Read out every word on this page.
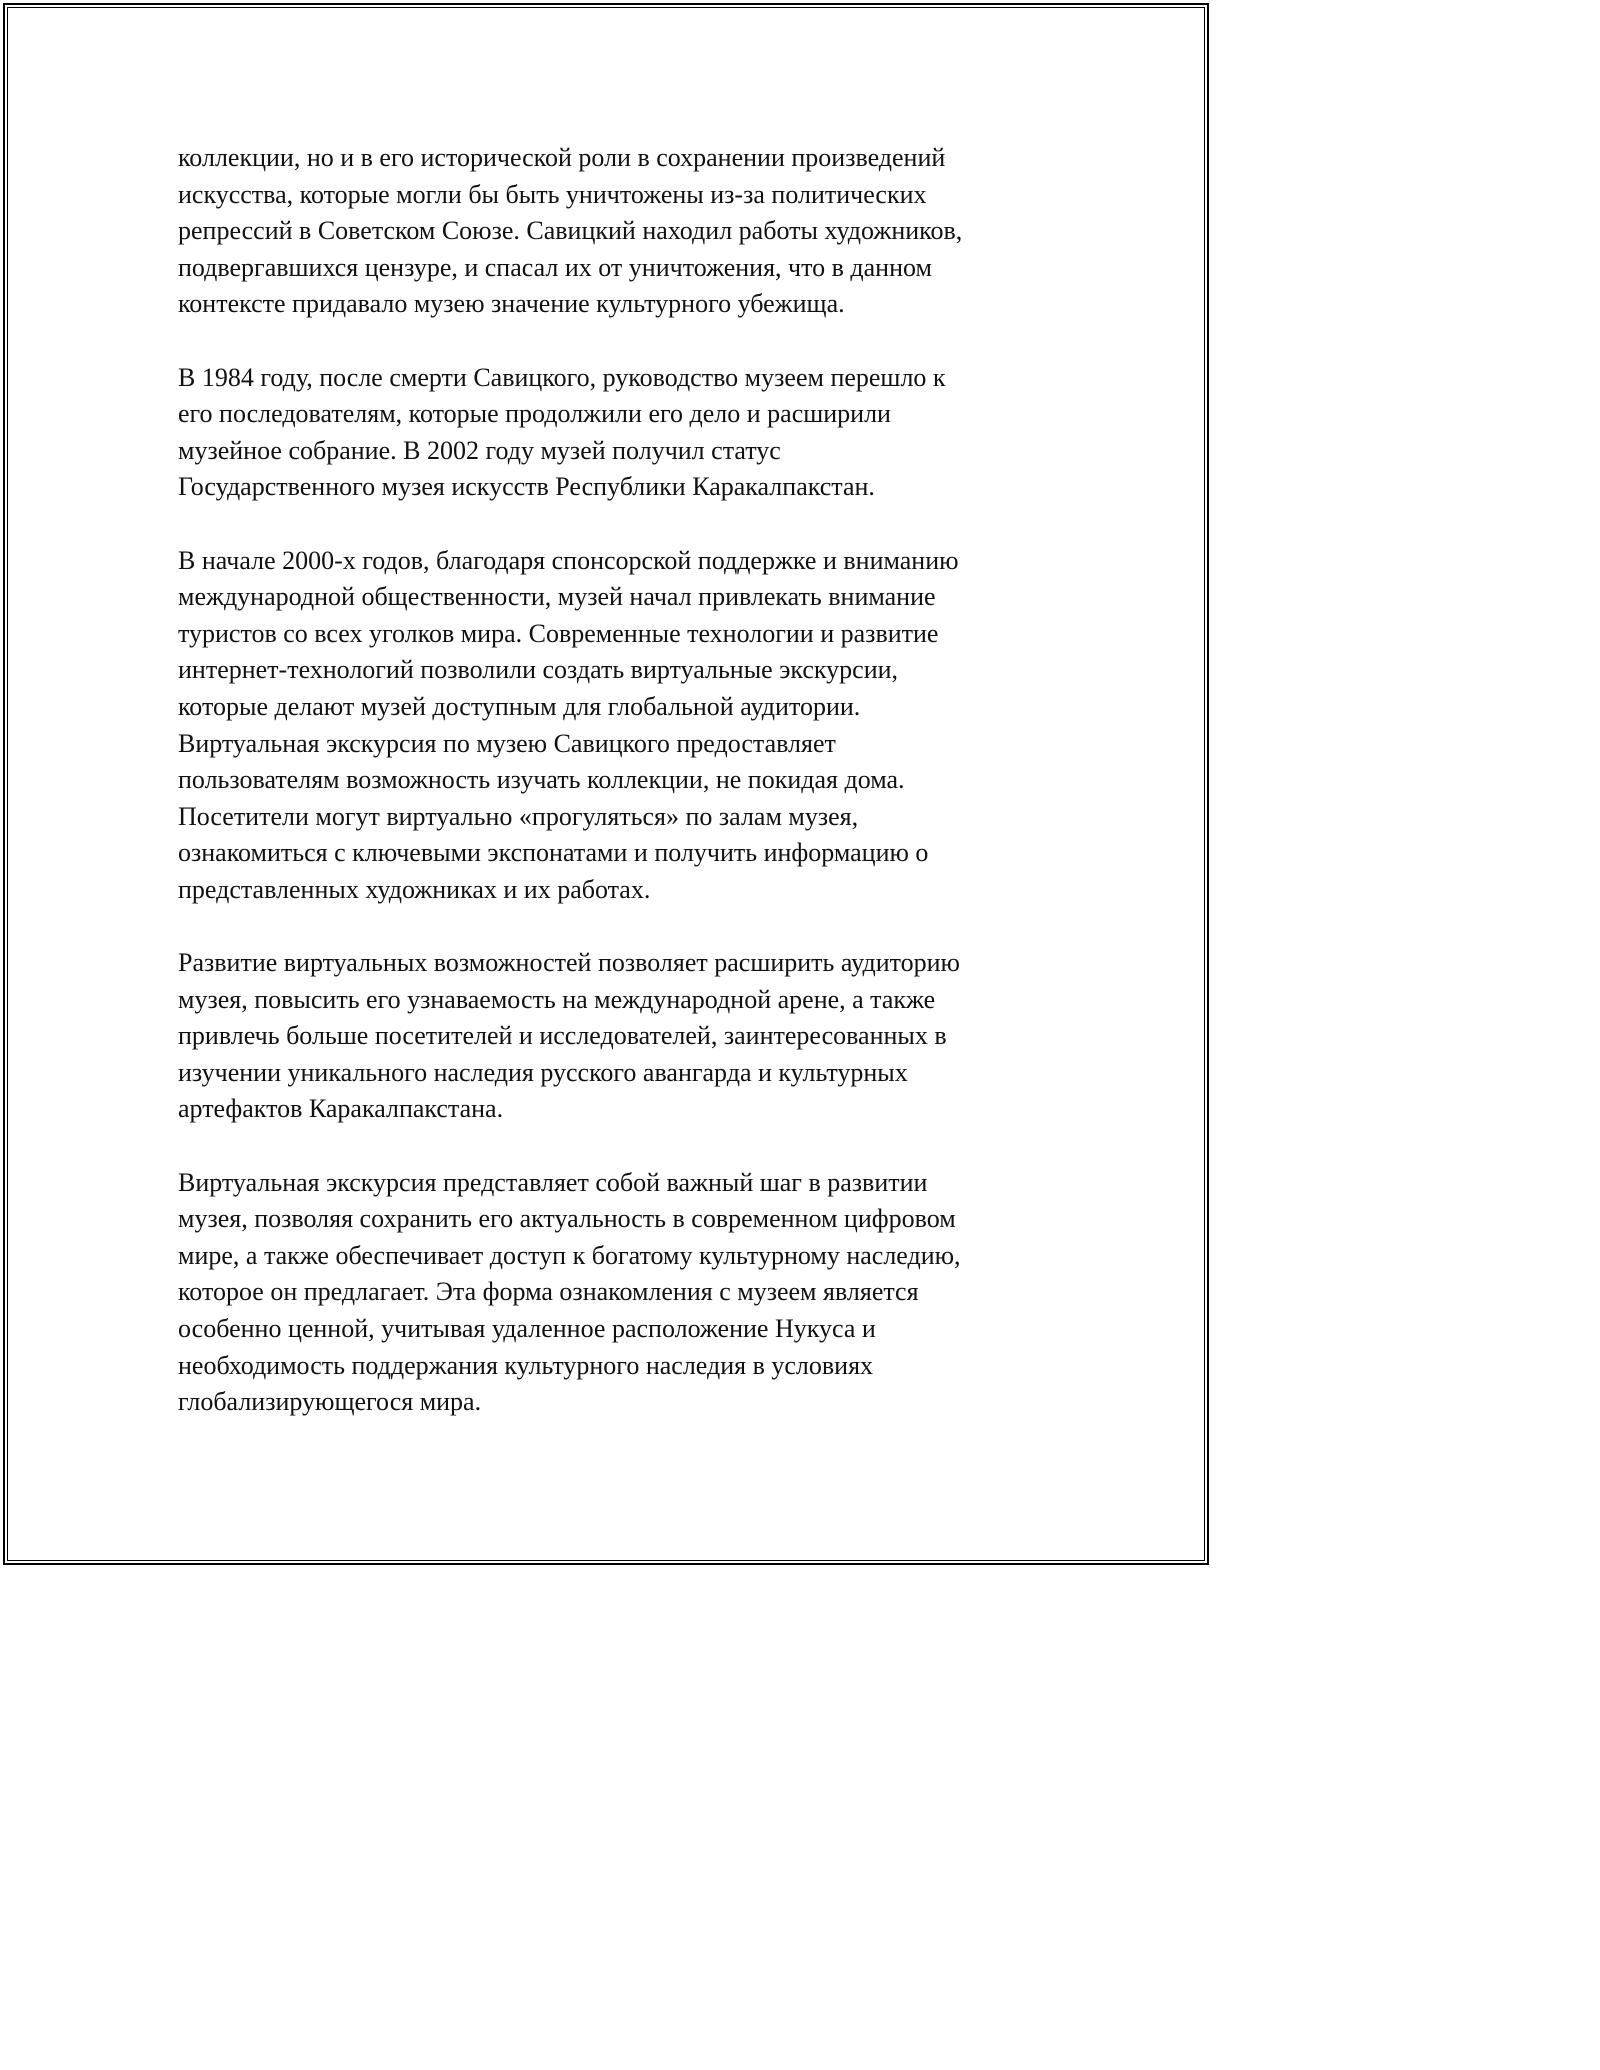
коллекции, но и в его исторической роли в сохранении произведений
искусства, которые могли бы быть уничтожены из-за политических
репрессий в Советском Союзе. Савицкий находил работы художников,
подвергавшихся цензуре, и спасал их от уничтожения, что в данном
контексте придавало музею значение культурного убежища.

В 1984 году, после смерти Савицкого, руководство музеем перешло к
его последователям, которые продолжили его дело и расширили
музейное собрание. В 2002 году музей получил статус
Государственного музея искусств Республики Каракалпакстан.

В начале 2000-х годов, благодаря спонсорской поддержке и вниманию
международной общественности, музей начал привлекать внимание
туристов со всех уголков мира. Современные технологии и развитие
интернет-технологий позволили создать виртуальные экскурсии,
которые делают музей доступным для глобальной аудитории.
Виртуальная экскурсия по музею Савицкого предоставляет
пользователям возможность изучать коллекции, не покидая дома.
Посетители могут виртуально «прогуляться» по залам музея,
ознакомиться с ключевыми экспонатами и получить информацию о
представленных художниках и их работах.

Развитие виртуальных возможностей позволяет расширить аудиторию
музея, повысить его узнаваемость на международной арене, а также
привлечь больше посетителей и исследователей, заинтересованных в
изучении уникального наследия русского авангарда и культурных
артефактов Каракалпакстана.

Виртуальная экскурсия представляет собой важный шаг в развитии
музея, позволяя сохранить его актуальность в современном цифровом
мире, а также обеспечивает доступ к богатому культурному наследию,
которое он предлагает. Эта форма ознакомления с музеем является
особенно ценной, учитывая удаленное расположение Нукуса и
необходимость поддержания культурного наследия в условиях
глобализирующегося мира.
